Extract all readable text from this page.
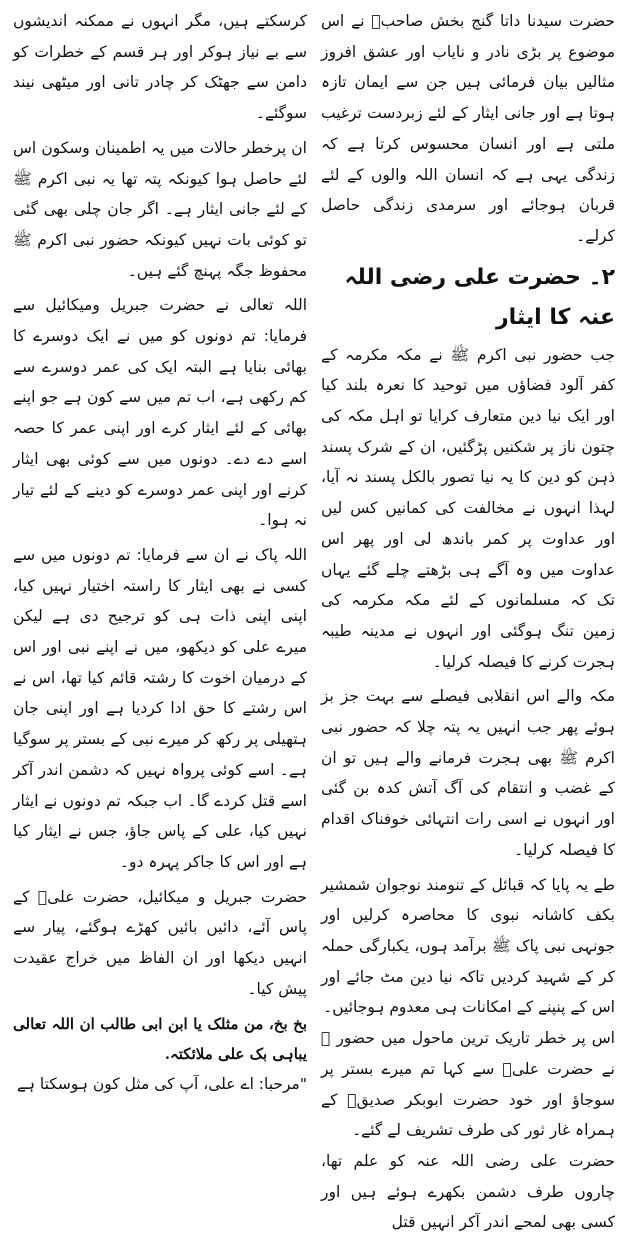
حضرت سیدنا داتا گنج بخش صاحبؒ نے اس موضوع پر بڑی نادر و نایاب اور عشق افروز مثالیں بیان فرمائی ہیں جن سے ایمان تازہ ہوتا ہے اور جانی ایثار کے لئے زبردست ترغیب ملتی ہے اور انسان محسوس کرتا ہے کہ زندگی یہی ہے کہ انسان اللہ والوں کے لئے قربان ہوجائے اور سرمدی زندگی حاصل کرلے۔

۲۔ حضرت علی رضی اللہ عنہ کا ایثار

جب حضور نبی اکرم ﷺ نے مکہ مکرمہ کے کفر آلود فضاؤں میں توحید کا نعرہ بلند کیا اور ایک نیا دین متعارف کرایا تو اہل مکہ کی چتون ناز پر شکنیں پڑگئیں، ان کے شرک پسند ذہن کو دین کا یہ نیا تصور بالکل پسند نہ آیا، لہذا انہوں نے مخالفت کی کمانیں کس لیں اور عداوت پر کمر باندھ لی اور پھر اس عداوت میں وہ آگے ہی بڑھتے چلے گئے یہاں تک کہ مسلمانوں کے لئے مکہ مکرمہ کی زمین تنگ ہوگئی اور انہوں نے مدینہ طیبہ ہجرت کرنے کا فیصلہ کرلیا۔

مکہ والے اس انقلابی فیصلے سے بہت جز بز ہوئے پھر جب انہیں یہ پتہ چلا کہ حضور نبی اکرم ﷺ بھی ہجرت فرمانے والے ہیں تو ان کے غضب و انتقام کی آگ آتش کدہ بن گئی اور انہوں نے اسی رات انتہائی خوفناک اقدام کا فیصلہ کرلیا۔

طے یہ پایا کہ قبائل کے تنومند نوجوان شمشیر بکف کاشانہ نبوی کا محاصرہ کرلیں اور جونہی نبی پاک ﷺ برآمد ہوں، یکبارگی حملہ کر کے شہید کردیں تاکہ نیا دین مٹ جائے اور اس کے پنپنے کے امکانات ہی معدوم ہوجائیں۔

اس پر خطر تاریک ترین ماحول میں حضور ﷺ نے حضرت علیؓ سے کہا تم میرے بستر پر سوجاؤ اور خود حضرت ابوبکر صدیقؓ کے ہمراہ غار ثور کی طرف تشریف لے گئے۔

حضرت علی رضی اللہ عنہ کو علم تھا، چاروں طرف دشمن بکھرے ہوئے ہیں اور کسی بھی لمحے اندر آکر انہیں قتل

کرسکتے ہیں، مگر انہوں نے ممکنہ اندیشوں سے بے نیاز ہوکر اور ہر قسم کے خطرات کو دامن سے جھٹک کر چادر تانی اور میٹھی نیند سوگئے۔

ان پرخطر حالات میں یہ اطمینان وسکون اس لئے حاصل ہوا کیونکہ پتہ تھا یہ نبی اکرم ﷺ کے لئے جانی ایثار ہے۔ اگر جان چلی بھی گئی تو کوئی بات نہیں کیونکہ حضور نبی اکرم ﷺ محفوظ جگہ پہنچ گئے ہیں۔

اللہ تعالی نے حضرت جبریل ومیکائیل سے فرمایا: تم دونوں کو میں نے ایک دوسرے کا بھائی بنایا ہے البتہ ایک کی عمر دوسرے سے کم رکھی ہے، اب تم میں سے کون ہے جو اپنے بھائی کے لئے ایثار کرے اور اپنی عمر کا حصہ اسے دے دے۔ دونوں میں سے کوئی بھی ایثار کرنے اور اپنی عمر دوسرے کو دینے کے لئے تیار نہ ہوا۔

اللہ پاک نے ان سے فرمایا: تم دونوں میں سے کسی نے بھی ایثار کا راستہ اختیار نہیں کیا، اپنی اپنی ذات ہی کو ترجیح دی ہے لیکن میرے علی کو دیکھو، میں نے اپنے نبی اور اس کے درمیان اخوت کا رشتہ قائم کیا تھا، اس نے اس رشتے کا حق ادا کردیا ہے اور اپنی جان ہتھیلی پر رکھ کر میرے نبی کے بستر پر سوگیا ہے۔ اسے کوئی پرواہ نہیں کہ دشمن اندر آکر اسے قتل کردے گا۔ اب جبکہ تم دونوں نے ایثار نہیں کیا، علی کے پاس جاؤ، جس نے ایثار کیا ہے اور اس کا جاکر پہرہ دو۔

حضرت جبریل و میکائیل، حضرت علیؓ کے پاس آئے، دائیں بائیں کھڑے ہوگئے، پیار سے انہیں دیکھا اور ان الفاظ میں خراج عقیدت پیش کیا۔

بخ بخ، من مثلک یا ابن ابی طالب ان اللہ تعالی یباہی بک علی ملائکتہ.

"مرحبا: اے علی، آپ کی مثل کون ہوسکتا ہے
